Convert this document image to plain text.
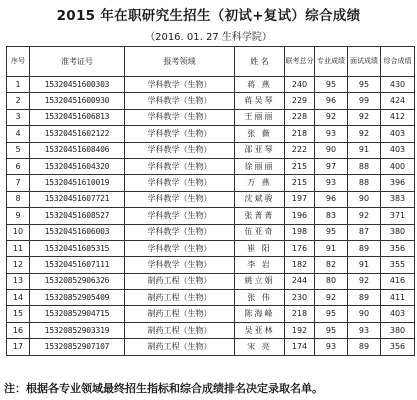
2015 年在职研究生招生（初试+复试）综合成绩
（2016. 01. 27 生科学院）
序号	准考证号	报考领域	姓 名	联考总分	专业成绩	面试成绩	综合成绩
1	15320451600303	学科教学（生物）	蒋 燕	240	95	95	430
2	15320451600930	学科教学（生物）	蒋吴琴	229	96	99	424
3	15320451606813	学科教学（生物）	王丽丽	228	92	92	412
4	15320451602122	学科教学（生物）	张 薇	218	93	92	403
5	15320451608406	学科教学（生物）	邵亚琴	222	90	91	403
6	15320451604320	学科教学（生物）	徐丽丽	215	97	88	400
7	15320451610019	学科教学（生物）	万 燕	215	93	88	396
8	15320451607721	学科教学（生物）	沈斌骏	197	96	90	383
9	15320451608527	学科教学（生物）	张菁菁	196	83	92	371
10	15320451606003	学科教学（生物）	伍亚奇	198	95	87	380
11	15320451605315	学科教学（生物）	崔 阳	176	91	89	356
12	15320451607111	学科教学（生物）	李 岩	182	82	91	355
13	15320852906326	制药工程（生物）	姚立娟	244	80	92	416
14	15320852905409	制药工程（生物）	张 伟	230	92	89	411
15	15320852904715	制药工程（生物）	陈海峰	218	95	90	403
16	15320852903319	制药工程（生物）	吴亚林	192	95	93	380
17	15320852907107	制药工程（生物）	宋 亮	174	93	89	356
注：根据各专业领域最终招生指标和综合成绩排名决定录取名单。
